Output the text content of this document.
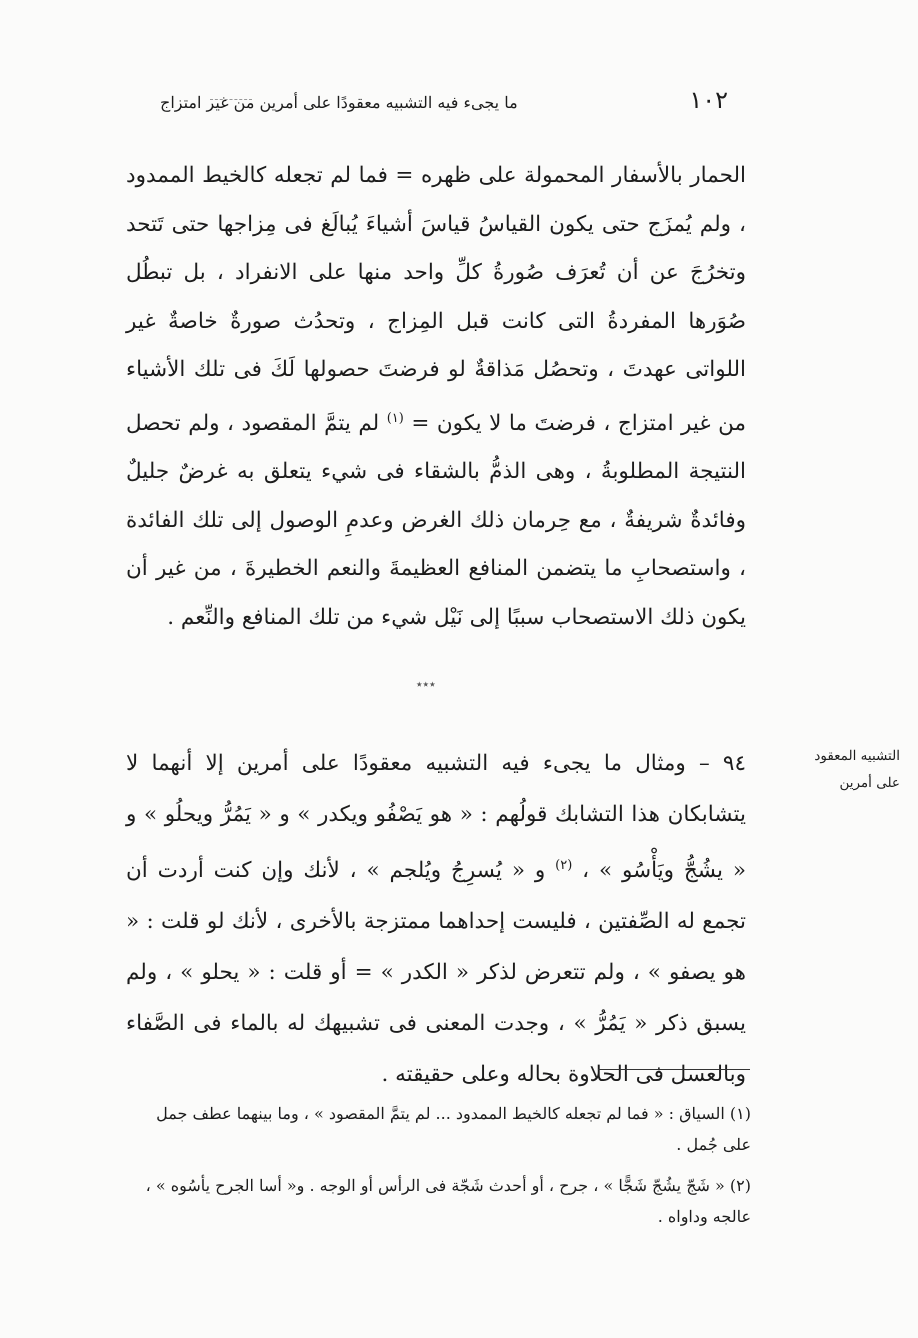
١٠٢
ما يجىء فيه التشبيه معقودًا على أمرين من غير امتزاج

الحمار بالأسفار المحمولة على ظهره = فما لم تجعله كالخيط الممدود ، ولم يُمزَج حتى يكون القياسُ قياسَ أشياءَ يُبالَغ فى مِزاجها حتى تَتحد وتخرُجَ عن أن تُعرَف صُورةُ كلِّ واحد منها على الانفراد ، بل تبطُل صُوَرها المفردةُ التى كانت قبل المِزاج ، وتحدُث صورةٌ خاصةٌ غير اللواتى عهدتَ ، وتحصُل مَذاقةٌ لو فرضتَ حصولها لَكَ فى تلك الأشياء من غير امتزاج ، فرضتَ ما لا يكون = $^{(١)}$ لم يتمَّ المقصود ، ولم تحصل النتيجة المطلوبةُ ، وهى الذمُّ بالشقاء فى شيء يتعلق به غرضٌ جليلٌ وفائدةٌ شريفةٌ ، مع حِرمان ذلك الغرض وعدمِ الوصول إلى تلك الفائدة ، واستصحابِ ما يتضمن المنافع العظيمةَ والنعم الخطيرةَ ، من غير أن يكون ذلك الاستصحاب سببًا إلى نَيْل شيء من تلك المنافع والنِّعم .

٭٭٭
التشبيه المعقود
على أمرين

٩٤ – ومثال ما يجىء فيه التشبيه معقودًا على أمرين إلا أنهما لا يتشابكان هذا التشابك قولُهم : « هو يَصْفُو ويكدر » و « يَمُرُّ ويحلُو » و « يشُجُّ ويَأْسُو » ، $^{(٢)}$ و « يُسرِجُ ويُلجم » ، لأنك وإن كنت أردت أن تجمع له الصِّفتين ، فليست إحداهما ممتزجة بالأخرى ، لأنك لو قلت : « هو يصفو » ، ولم تتعرض لذكر « الكدر » = أو قلت : « يحلو » ، ولم يسبق ذكر « يَمُرُّ » ، وجدت المعنى فى تشبيهك له بالماء فى الصَّفاء وبالعسل فى الحلاوة بحاله وعلى حقيقته .

(١) السياق : « فما لم تجعله كالخيط الممدود ... لم يتمَّ المقصود » ، وما بينهما عطف جمل على جُمل .
(٢) « شَجّ يشُجّ شَجًّا » ، جرح ، أو أحدث شَجّة فى الرأس أو الوجه . و« أسا الجرح يأسُوه » ، عالجه وداواه .
